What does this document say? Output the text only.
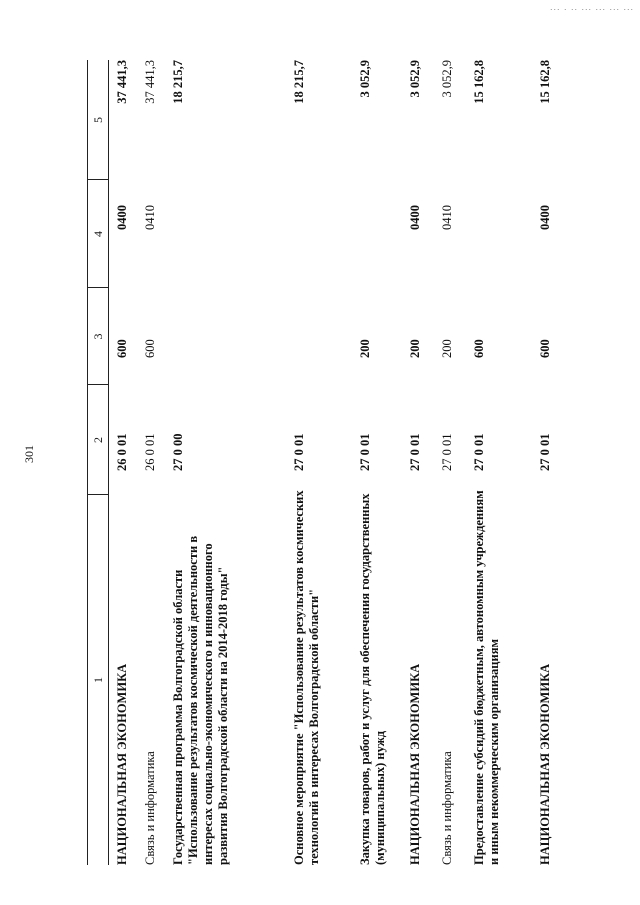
... . .. ... ... ... ...
301
1
2
3
4
5
НАЦИОНАЛЬНАЯ ЭКОНОМИКА
26 0 01
600
0400
37 441,3
Связь и информатика
26 0 01
600
0410
37 441,3
Государственная программа Волгоградской области "Использование результатов космической деятельности в интересах социально-экономического и инновационного развития Волгоградской области на 2014-2018 годы"
27 0 00
18 215,7
Основное мероприятие "Использование результатов космических технологий в интересах Волгоградской области"
27 0 01
18 215,7
Закупка товаров, работ и услуг для обеспечения государственных (муниципальных) нужд
27 0 01
200
3 052,9
НАЦИОНАЛЬНАЯ ЭКОНОМИКА
27 0 01
200
0400
3 052,9
Связь и информатика
27 0 01
200
0410
3 052,9
Предоставление субсидий бюджетным, автономным учреждениям и иным некоммерческим организациям
27 0 01
600
15 162,8
НАЦИОНАЛЬНАЯ ЭКОНОМИКА
27 0 01
600
0400
15 162,8
